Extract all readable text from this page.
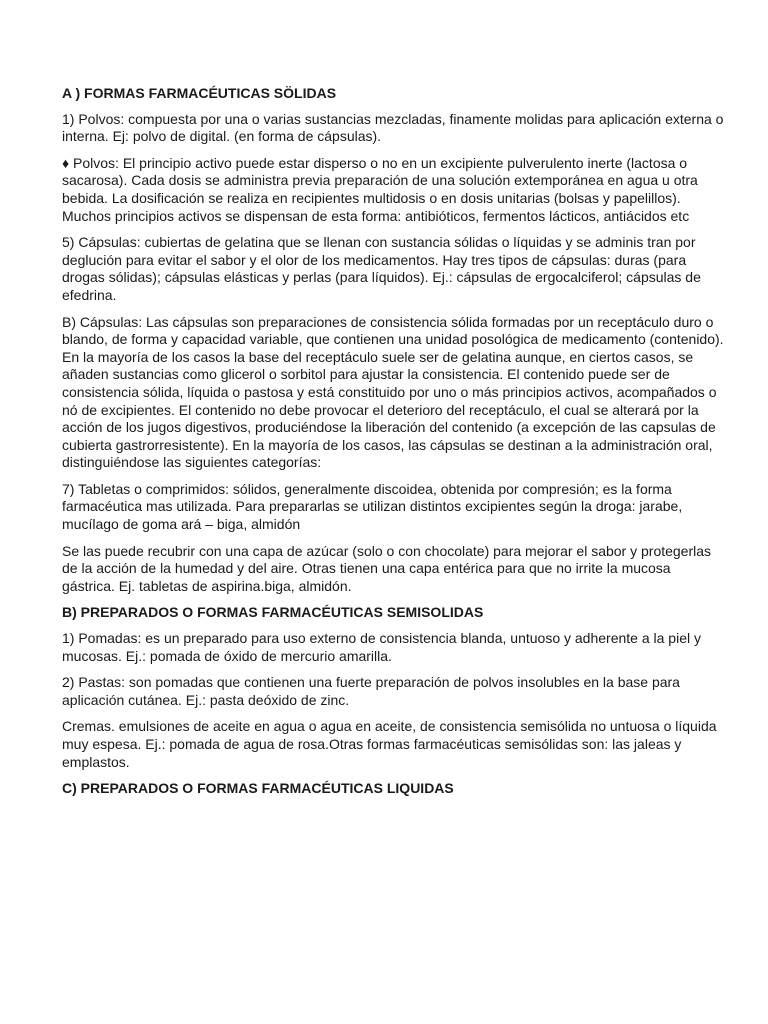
A ) FORMAS FARMACÉUTICAS SÖLIDAS

1) Polvos: compuesta por una o varias sustancias mezcladas, finamente molidas para aplicación externa o interna. Ej: polvo de digital. (en forma de cápsulas).

♦ Polvos: El principio activo puede estar disperso o no en un excipiente pulverulento inerte (lactosa o sacarosa). Cada dosis se administra previa preparación de una solución extemporánea en agua u otra bebida. La dosificación se realiza en recipientes multidosis o en dosis unitarias (bolsas y papelillos). Muchos principios activos se dispensan de esta forma: antibióticos, fermentos lácticos, antiácidos etc

5) Cápsulas: cubiertas de gelatina que se llenan con sustancia sólidas o líquidas y se adminis tran por deglución para evitar el sabor y el olor de los medicamentos. Hay tres tipos de cápsulas: duras (para drogas sólidas); cápsulas elásticas y perlas (para líquidos). Ej.: cápsulas de ergocalciferol; cápsulas de efedrina.

B) Cápsulas: Las cápsulas son preparaciones de consistencia sólida formadas por un receptáculo duro o blando, de forma y capacidad variable, que contienen una unidad posológica de medicamento (contenido). En la mayoría de los casos la base del receptáculo suele ser de gelatina aunque, en ciertos casos, se añaden sustancias como glicerol o sorbitol para ajustar la consistencia. El contenido puede ser de consistencia sólida, líquida o pastosa y está constituido por uno o más principios activos, acompañados o nó de excipientes. El contenido no debe provocar el deterioro del receptáculo, el cual se alterará por la acción de los jugos digestivos, produciéndose la liberación del contenido (a excepción de las capsulas de cubierta gastrorresistente). En la mayoría de los casos, las cápsulas se destinan a la administración oral, distinguiéndose las siguientes categorías:

7) Tabletas o comprimidos: sólidos, generalmente discoidea, obtenida por compresión; es la forma farmacéutica mas utilizada. Para prepararlas se utilizan distintos excipientes según la droga: jarabe, mucílago de goma ará – biga, almidón

Se las puede recubrir con una capa de azúcar (solo o con chocolate) para mejorar el sabor y protegerlas de la acción de la humedad y del aire. Otras tienen una capa entérica para que no irrite la mucosa gástrica. Ej. tabletas de aspirina.biga, almidón.

B) PREPARADOS O FORMAS FARMACÉUTICAS SEMISOLIDAS

1) Pomadas: es un preparado para uso externo de consistencia blanda, untuoso y adherente a la piel y mucosas. Ej.: pomada de óxido de mercurio amarilla.

2) Pastas: son pomadas que contienen una fuerte preparación de polvos insolubles en la base para aplicación cutánea. Ej.: pasta deóxido de zinc.

Cremas. emulsiones de aceite en agua o agua en aceite, de consistencia semisólida no untuosa o líquida muy espesa. Ej.: pomada de agua de rosa.Otras formas farmacéuticas semisólidas son: las jaleas y emplastos.

C) PREPARADOS O FORMAS FARMACÉUTICAS LIQUIDAS
